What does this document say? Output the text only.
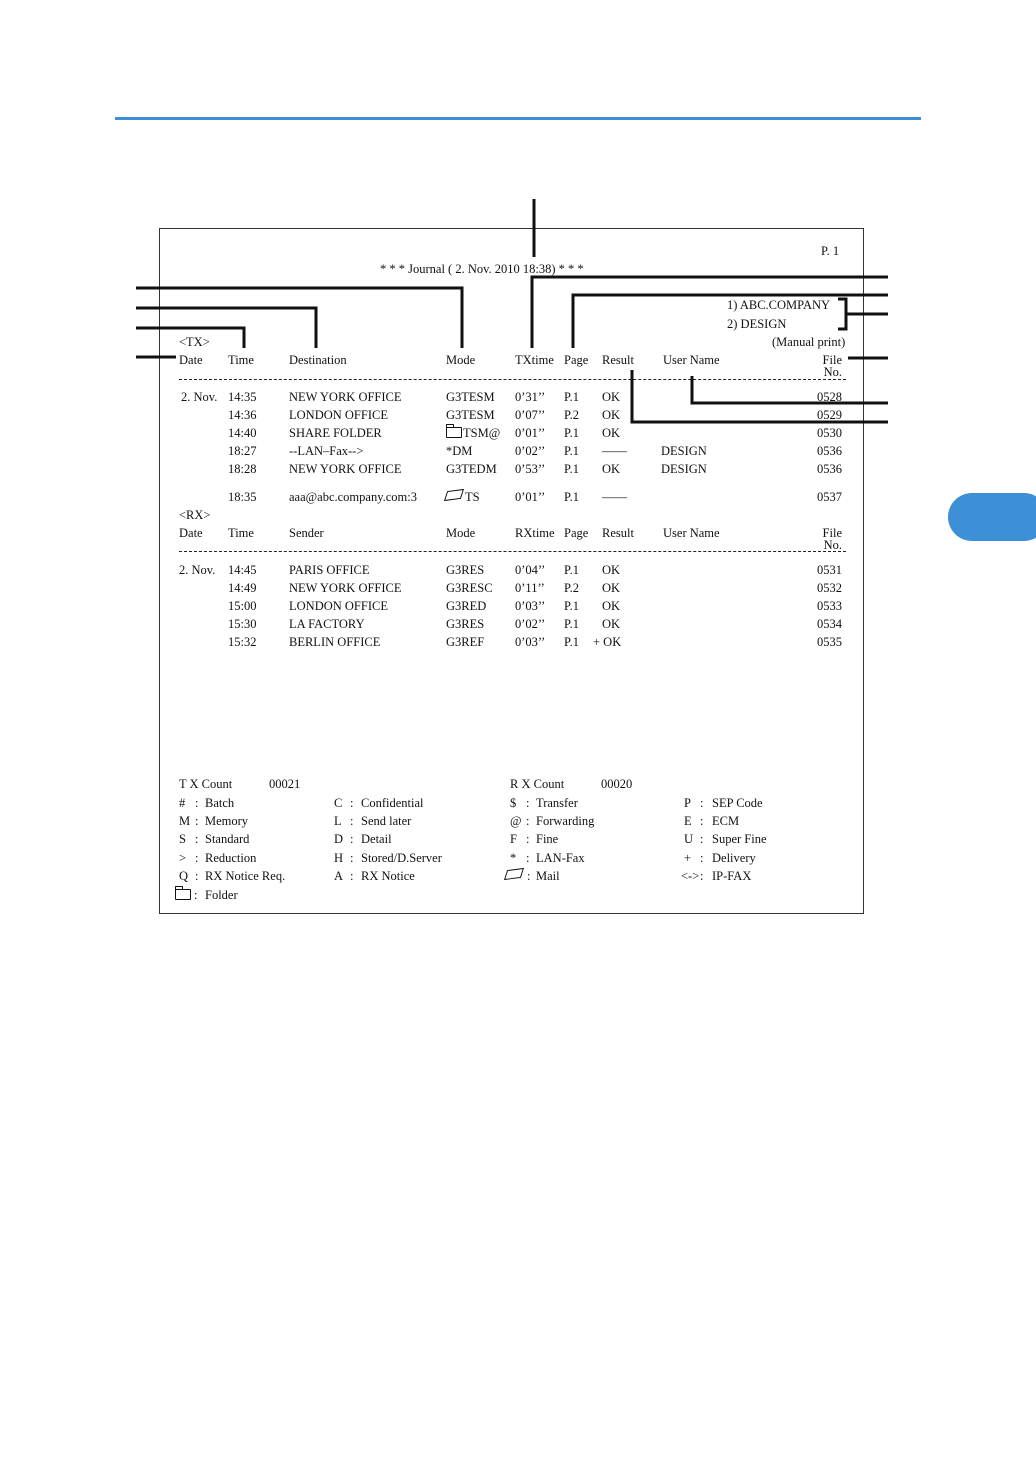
P. 1
* * * Journal ( 2. Nov. 2010 18:38) * * *
1) ABC.COMPANY
2) DESIGN
(Manual print)
<TX>
Date Time	Destination	Mode	TXtime Page Result User Name	File
No.
2. Nov. 14:35	NEW YORK OFFICE	G3TESM 0’31’’ P.1 OK	0528
14:36	LONDON OFFICE	G3TESM 0’07’’ P.2 OK	0529
14:40	SHARE FOLDER	TSM@ 0’01’’ P.1 OK	0530
18:27	--LAN–Fax-->	*DM	0’02’’ P.1 ——	DESIGN	0536
18:28	NEW YORK OFFICE	G3TEDM 0’53’’ P.1 OK	DESIGN	0536
18:35	aaa@abc.company.com:3	TS	0’01’’ P.1 ——	0537
<RX>
Date Time	Sender	Mode	RXtime Page Result User Name	File
No.
2. Nov. 14:45	PARIS OFFICE	G3RES 0’04’’ P.1 OK	0531
14:49	NEW YORK OFFICE	G3RESC 0’11’’ P.2 OK	0532
15:00	LONDON OFFICE	G3RED 0’03’’ P.1 OK	0533
15:30	LA FACTORY	G3RES 0’02’’ P.1 OK	0534
15:32	BERLIN OFFICE	G3REF 0’03’’ P.1 + OK	0535
T X Count	00021	R X Count	00020
# : Batch	C : Confidential	$ : Transfer	P : SEP Code
M : Memory	L : Send later	@ : Forwarding	E : ECM
S : Standard	D : Detail	F : Fine	U : Super Fine
> : Reduction	H : Stored/D.Server	* : LAN-Fax	+ : Delivery
Q : RX Notice Req.	A : RX Notice	: Mail	<-> : IP-FAX
: Folder
